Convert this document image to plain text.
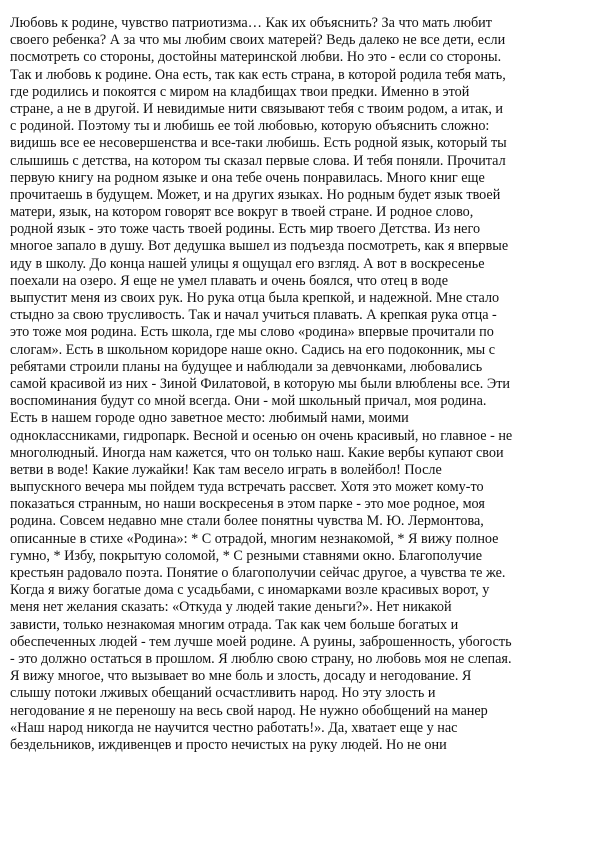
Любовь к родине, чувство патриотизма… Как их объяснить? За что мать любит
своего ребенка? А за что мы любим своих матерей? Ведь далеко не все дети, если
посмотреть со стороны, достойны материнской любви. Но это - если со стороны.
Так и любовь к родине. Она есть, так как есть страна, в которой родила тебя мать,
где родились и покоятся с миром на кладбищах твои предки. Именно в этой
стране, а не в другой. И невидимые нити связывают тебя с твоим родом, а итак, и
с родиной. Поэтому ты и любишь ее той любовью, которую объяснить сложно:
видишь все ее несовершенства и все-таки любишь. Есть родной язык, который ты
слышишь с детства, на котором ты сказал первые слова. И тебя поняли. Прочитал
первую книгу на родном языке и она тебе очень понравилась. Много книг еще
прочитаешь в будущем. Может, и на других языках. Но родным будет язык твоей
матери, язык, на котором говорят все вокруг в твоей стране. И родное слово,
родной язык - это тоже часть твоей родины. Есть мир твоего Детства. Из него
многое запало в душу. Вот дедушка вышел из подъезда посмотреть, как я впервые
иду в школу. До конца нашей улицы я ощущал его взгляд. А вот в воскресенье
поехали на озеро. Я еще не умел плавать и очень боялся, что отец в воде
выпустит меня из своих рук. Но рука отца была крепкой, и надежной. Мне стало
стыдно за свою трусливость. Так и начал учиться плавать. А крепкая рука отца -
это тоже моя родина. Есть школа, где мы слово «родина» впервые прочитали по
слогам». Есть в школьном коридоре наше окно. Садись на его подоконник, мы с
ребятами строили планы на будущее и наблюдали за девчонками, любовались
самой красивой из них - Зиной Филатовой, в которую мы были влюблены все. Эти
воспоминания будут со мной всегда. Они - мой школьный причал, моя родина.
Есть в нашем городе одно заветное место: любимый нами, моими
одноклассниками, гидропарк. Весной и осенью он очень красивый, но главное - не
многолюдный. Иногда нам кажется, что он только наш. Какие вербы купают свои
ветви в воде! Какие лужайки! Как там весело играть в волейбол! После
выпускного вечера мы пойдем туда встречать рассвет. Хотя это может кому-то
показаться странным, но наши воскресенья в этом парке - это мое родное, моя
родина. Совсем недавно мне стали более понятны чувства М. Ю. Лермонтова,
описанные в стихе «Родина»: * С отрадой, многим незнакомой, * Я вижу полное
гумно, * Избу, покрытую соломой, * С резными ставнями окно. Благополучие
крестьян радовало поэта. Понятие о благополучии сейчас другое, а чувства те же.
Когда я вижу богатые дома с усадьбами, с иномарками возле красивых ворот, у
меня нет желания сказать: «Откуда у людей такие деньги?». Нет никакой
зависти, только незнакомая многим отрада. Так как чем больше богатых и
обеспеченных людей - тем лучше моей родине. А руины, заброшенность, убогость
- это должно остаться в прошлом. Я люблю свою страну, но любовь моя не слепая.
Я вижу многое, что вызывает во мне боль и злость, досаду и негодование. Я
слышу потоки лживых обещаний осчастливить народ. Но эту злость и
негодование я не переношу на весь свой народ. Не нужно обобщений на манер
«Наш народ никогда не научится честно работать!». Да, хватает еще у нас
бездельников, иждивенцев и просто нечистых на руку людей. Но не они
